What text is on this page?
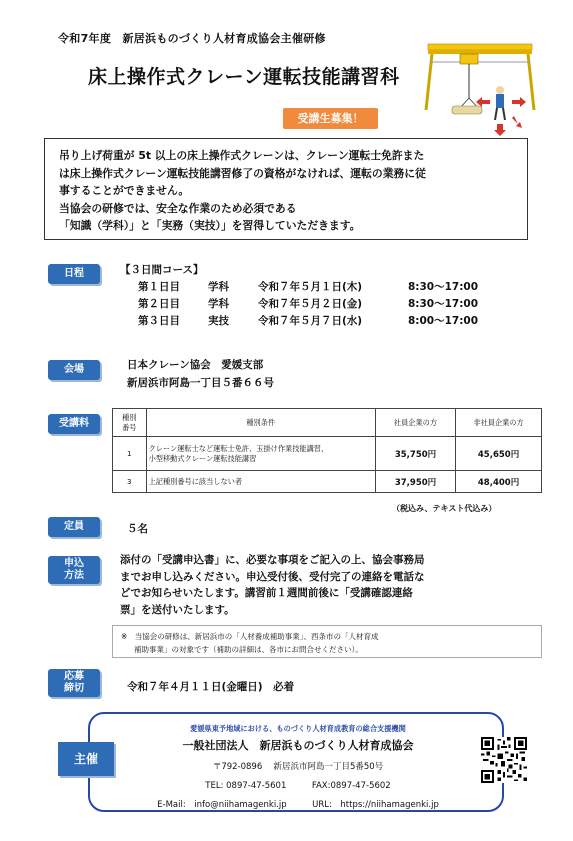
令和7年度　新居浜ものづくり人材育成協会主催研修
床上操作式クレーン運転技能講習科
受講生募集！
吊り上げ荷重が 5t 以上の床上操作式クレーンは、クレーン運転士免許また
は床上操作式クレーン運転技能講習修了の資格がなければ、運転の業務に従
事することができません。
当協会の研修では、安全な作業のため必須である
「知識（学科）」と「実務（実技）」を習得していただきます。
日程	【３日間コース】
第１日目	学科	令和７年５月１日(木)	8:30～17:00
第２日目	学科	令和７年５月２日(金)	8:30～17:00
第３日目	実技	令和７年５月７日(水)	8:00～17:00
会場	日本クレーン協会　愛媛支部
新居浜市阿島一丁目５番６６号
受講料
種別
番号	種別条件	社員企業の方	非社員企業の方
1	クレーン運転士など運転士免許、玉掛け作業技能講習、
小型移動式クレーン運転技能講習	35,750円	45,650円
3	上記種別番号に該当しない者	37,950円	48,400円
（税込み、テキスト代込み）
定員	５名
申込
方法
添付の「受講申込書」に、必要な事項をご記入の上、協会事務局
までお申し込みください。申込受付後、受付完了の連絡を電話な
どでお知らせいたします。講習前１週間前後に「受講確認連絡
票」を送付いたします。
※　 当協会の研修は、新居浜市の「人材養成補助事業」、西条市の「人材育成
補助事業」の対象です（補助の詳細は、各市にお問合せください）。
応募
締切	令和７年４月１１日(金曜日)　必着
主催
愛媛県東予地域における、ものづくり人材育成教育の総合支援機関
一般社団法人　新居浜ものづくり人材育成協会
〒792-0896　 新居浜市阿島一丁目5番50号
TEL: 0897-47-5601　　　	FAX:0897-47-5602
E-Mail:　 info@niihamagenki.jp　　　	URL:　 https://niihamagenki.jp
